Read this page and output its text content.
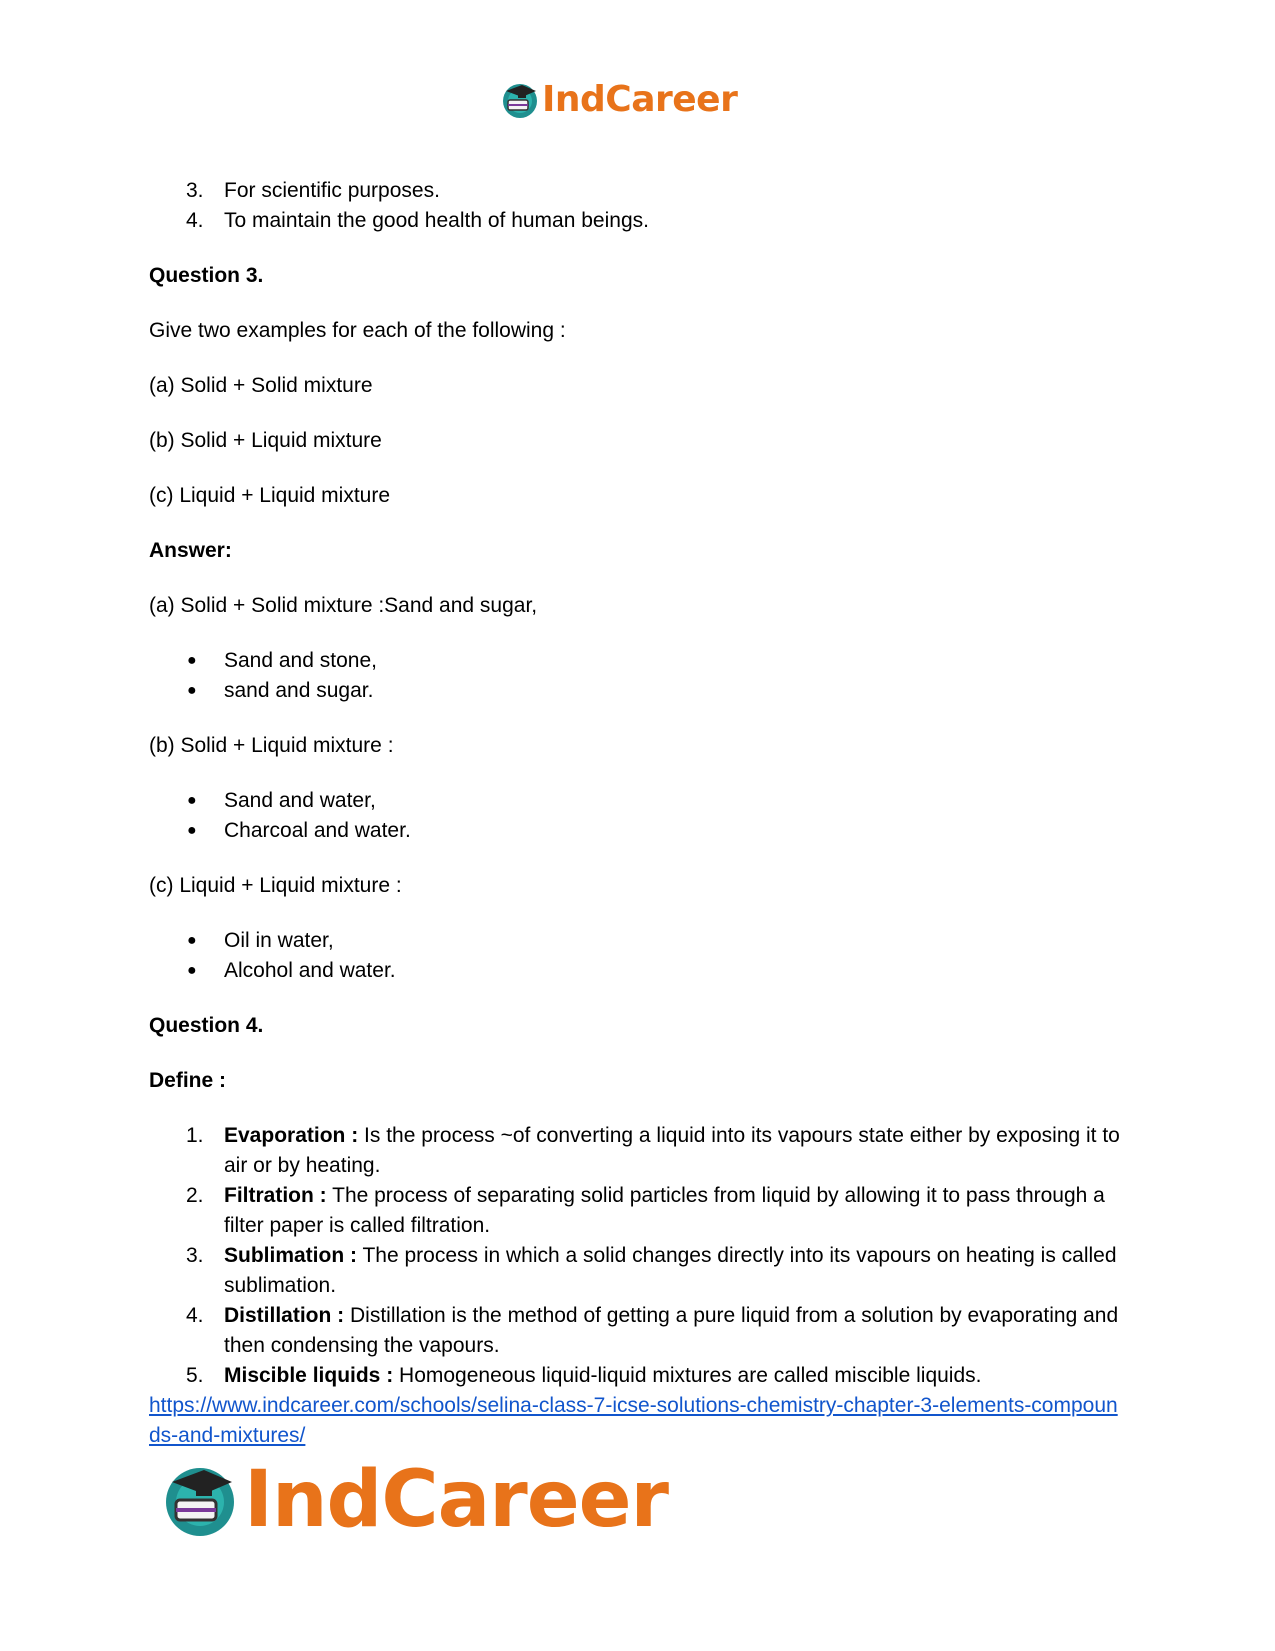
IndCareer
3. For scientific purposes.
4. To maintain the good health of human beings.

Question 3.

Give two examples for each of the following :

(a) Solid + Solid mixture

(b) Solid + Liquid mixture

(c) Liquid + Liquid mixture

Answer:

(a) Solid + Solid mixture :Sand and sugar,

● Sand and stone,
● sand and sugar.

(b) Solid + Liquid mixture :

● Sand and water,
● Charcoal and water.

(c) Liquid + Liquid mixture :

● Oil in water,
● Alcohol and water.

Question 4.

Define :

1. Evaporation : Is the process ~of converting a liquid into its vapours state either by exposing it to air or by heating.
2. Filtration : The process of separating solid particles from liquid by allowing it to pass through a filter paper is called filtration.
3. Sublimation : The process in which a solid changes directly into its vapours on heating is called sublimation.
4. Distillation : Distillation is the method of getting a pure liquid from a solution by evaporating and then condensing the vapours.
5. Miscible liquids : Homogeneous liquid-liquid mixtures are called miscible liquids.
https://www.indcareer.com/schools/selina-class-7-icse-solutions-chemistry-chapter-3-elements-compounds-and-mixtures/
IndCareer
